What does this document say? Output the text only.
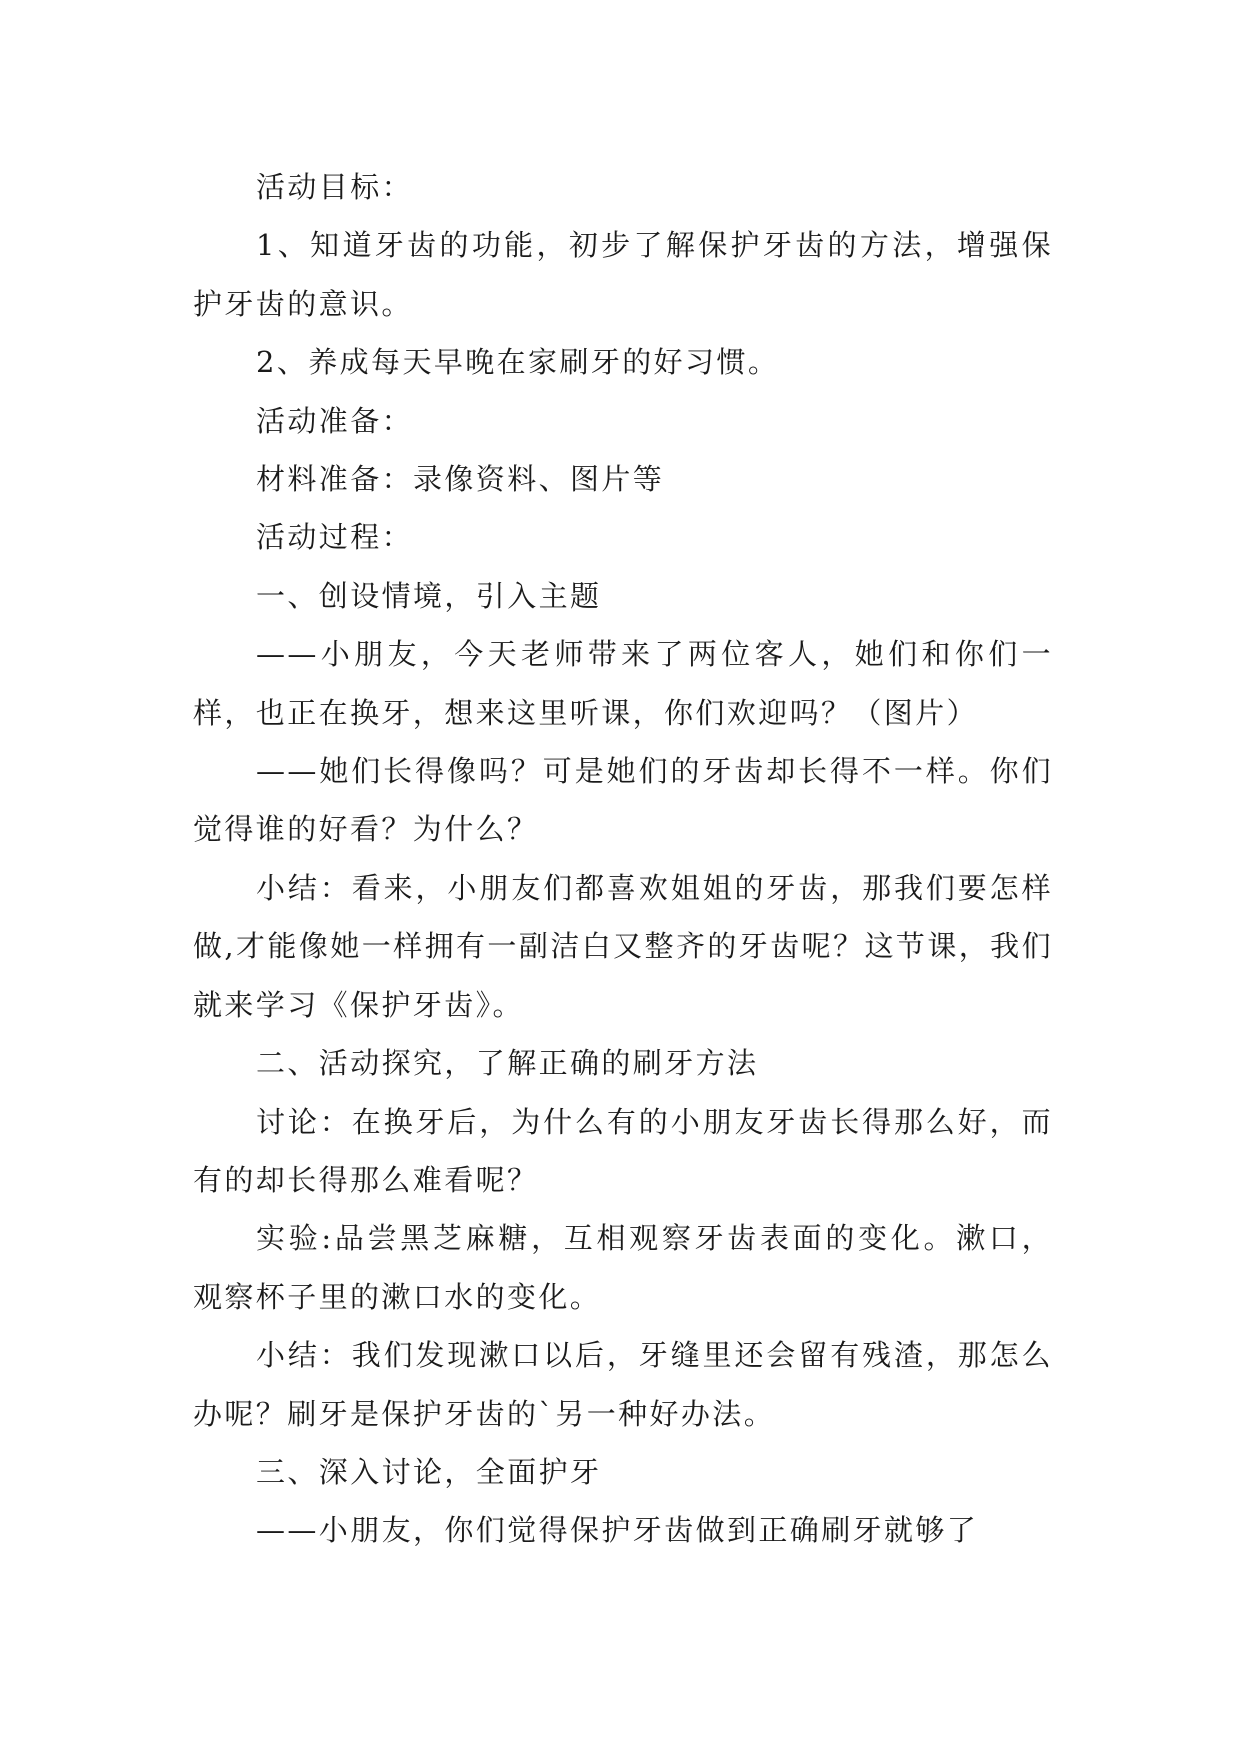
活动目标：

1、知道牙齿的功能，初步了解保护牙齿的方法，增强保护牙齿的意识。

2、养成每天早晚在家刷牙的好习惯。

活动准备：

材料准备：录像资料、图片等

活动过程：

一、创设情境，引入主题

——小朋友，今天老师带来了两位客人，她们和你们一样，也正在换牙，想来这里听课，你们欢迎吗？（图片）

——她们长得像吗？可是她们的牙齿却长得不一样。你们觉得谁的好看？为什么？

小结：看来，小朋友们都喜欢姐姐的牙齿，那我们要怎样做,才能像她一样拥有一副洁白又整齐的牙齿呢？这节课，我们就来学习《保护牙齿》。

二、活动探究，了解正确的刷牙方法

讨论：在换牙后，为什么有的小朋友牙齿长得那么好，而有的却长得那么难看呢？

实验:品尝黑芝麻糖，互相观察牙齿表面的变化。漱口，观察杯子里的漱口水的变化。

小结：我们发现漱口以后，牙缝里还会留有残渣，那怎么办呢？刷牙是保护牙齿的`另一种好办法。

三、深入讨论，全面护牙

——小朋友，你们觉得保护牙齿做到正确刷牙就够了
